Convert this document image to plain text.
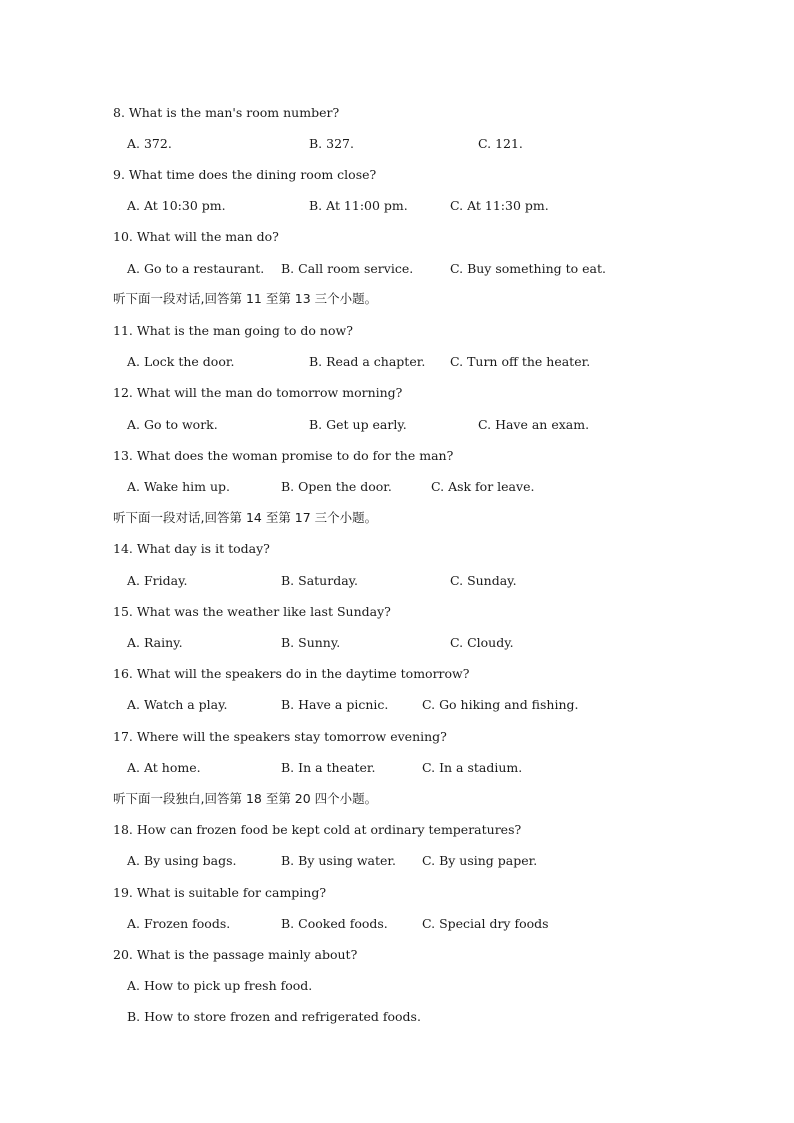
8. What is the man's room number?
A. 372.	B. 327.	C. 121.
9. What time does the dining room close?
A. At 10:30 pm.	B. At 11:00 pm.	C. At 11:30 pm.
10. What will the man do?
A. Go to a restaurant. B. Call room service.	C. Buy something to eat.
听下面一段对话,回答第 11 至第 13 三个小题。
11. What is the man going to do now?
A. Lock the door.	B. Read a chapter. C. Turn off the heater.
12. What will the man do tomorrow morning?
A. Go to work.	B. Get up early.	C. Have an exam.
13. What does the woman promise to do for the man?
A. Wake him up.	B. Open the door.	C. Ask for leave.
听下面一段对话,回答第 14 至第 17 三个小题。
14. What day is it today?
A. Friday.	B. Saturday.	C. Sunday.
15. What was the weather like last Sunday?
A. Rainy.	B. Sunny.	C. Cloudy.
16. What will the speakers do in the daytime tomorrow?
A. Watch a play.	B. Have a picnic.	C. Go hiking and fishing.
17. Where will the speakers stay tomorrow evening?
A. At home.	B. In a theater.	C. In a stadium.
听下面一段独白,回答第 18 至第 20 四个小题。
18. How can frozen food be kept cold at ordinary temperatures?
A. By using bags.	B. By using water. C. By using paper.
19. What is suitable for camping?
A. Frozen foods.	B. Cooked foods.	C. Special dry foods
20. What is the passage mainly about?
A. How to pick up fresh food.
B. How to store frozen and refrigerated foods.
